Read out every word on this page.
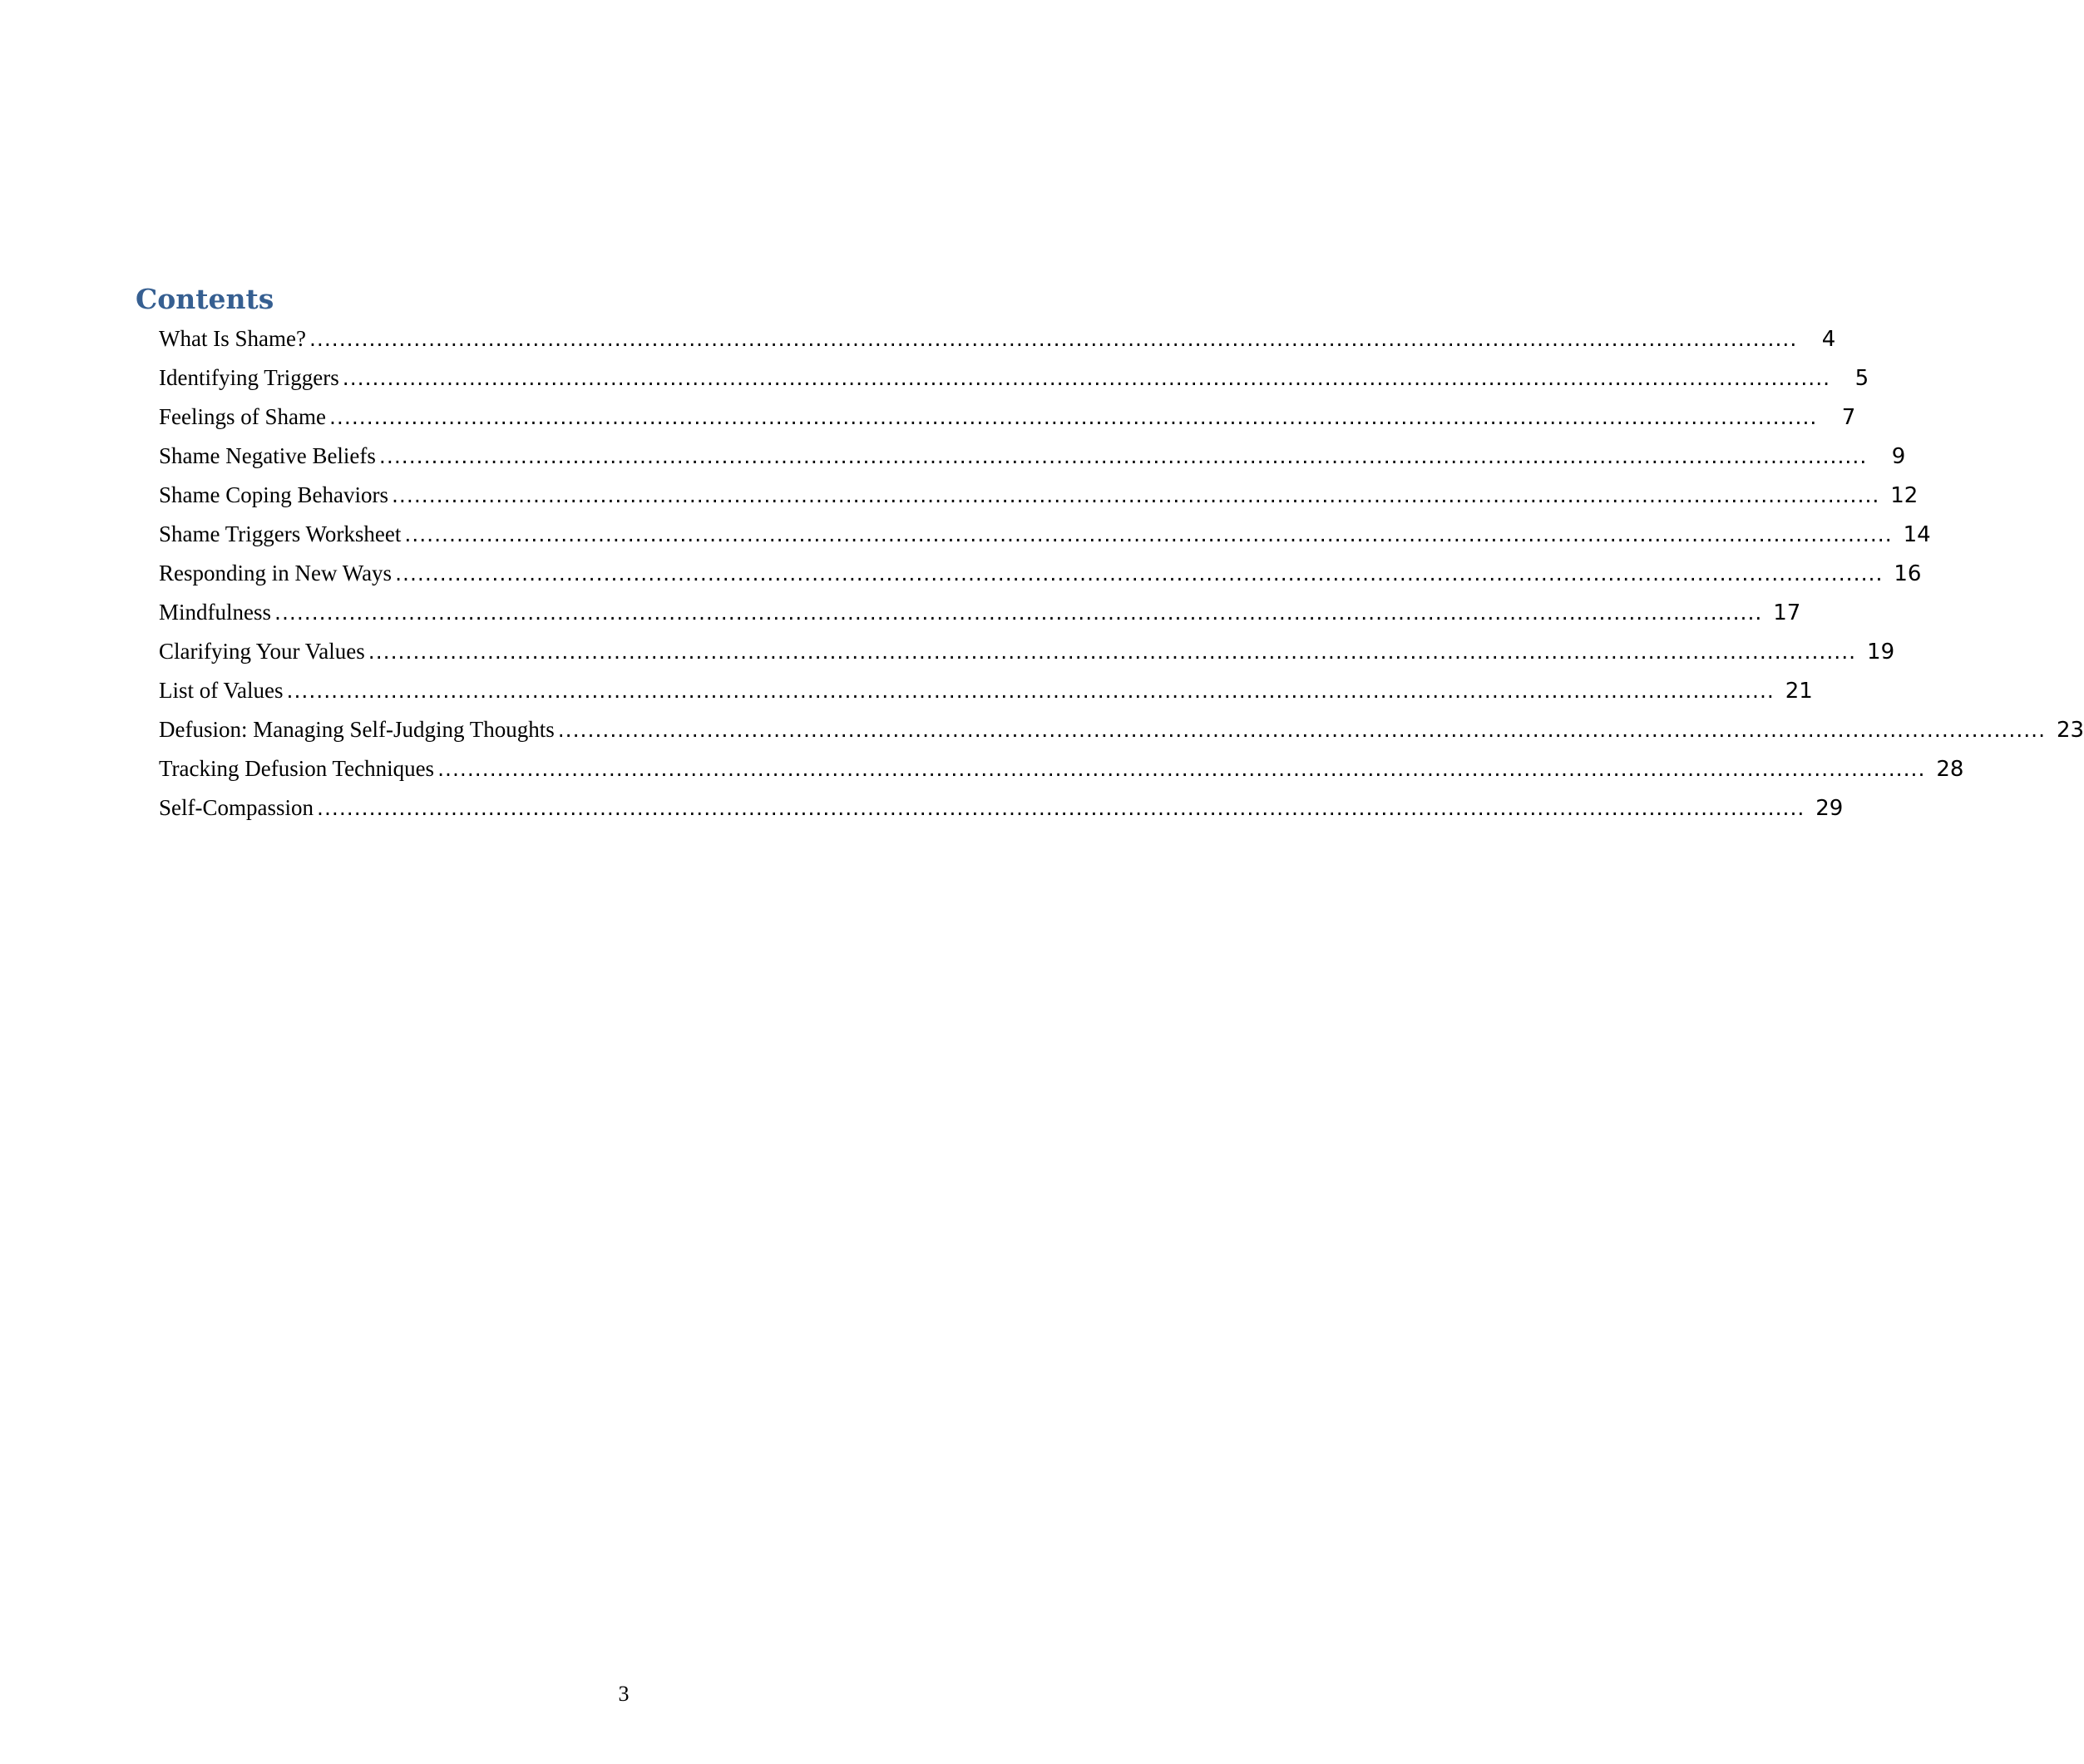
Contents
What Is Shame? ........................................................................................................................................................................................................	4
Identifying Triggers ........................................................................................................................................................................................................	5
Feelings of Shame ........................................................................................................................................................................................................	7
Shame Negative Beliefs ........................................................................................................................................................................................................	9
Shame Coping Behaviors ........................................................................................................................................................................................................ 12
Shame Triggers Worksheet ........................................................................................................................................................................................................ 14
Responding in New Ways ........................................................................................................................................................................................................ 16
Mindfulness ........................................................................................................................................................................................................ 17
Clarifying Your Values ........................................................................................................................................................................................................ 19
List of Values ........................................................................................................................................................................................................ 21
Defusion: Managing Self-Judging Thoughts ........................................................................................................................................................................................................ 23
Tracking Defusion Techniques ........................................................................................................................................................................................................ 28
Self-Compassion ........................................................................................................................................................................................................ 29
3
